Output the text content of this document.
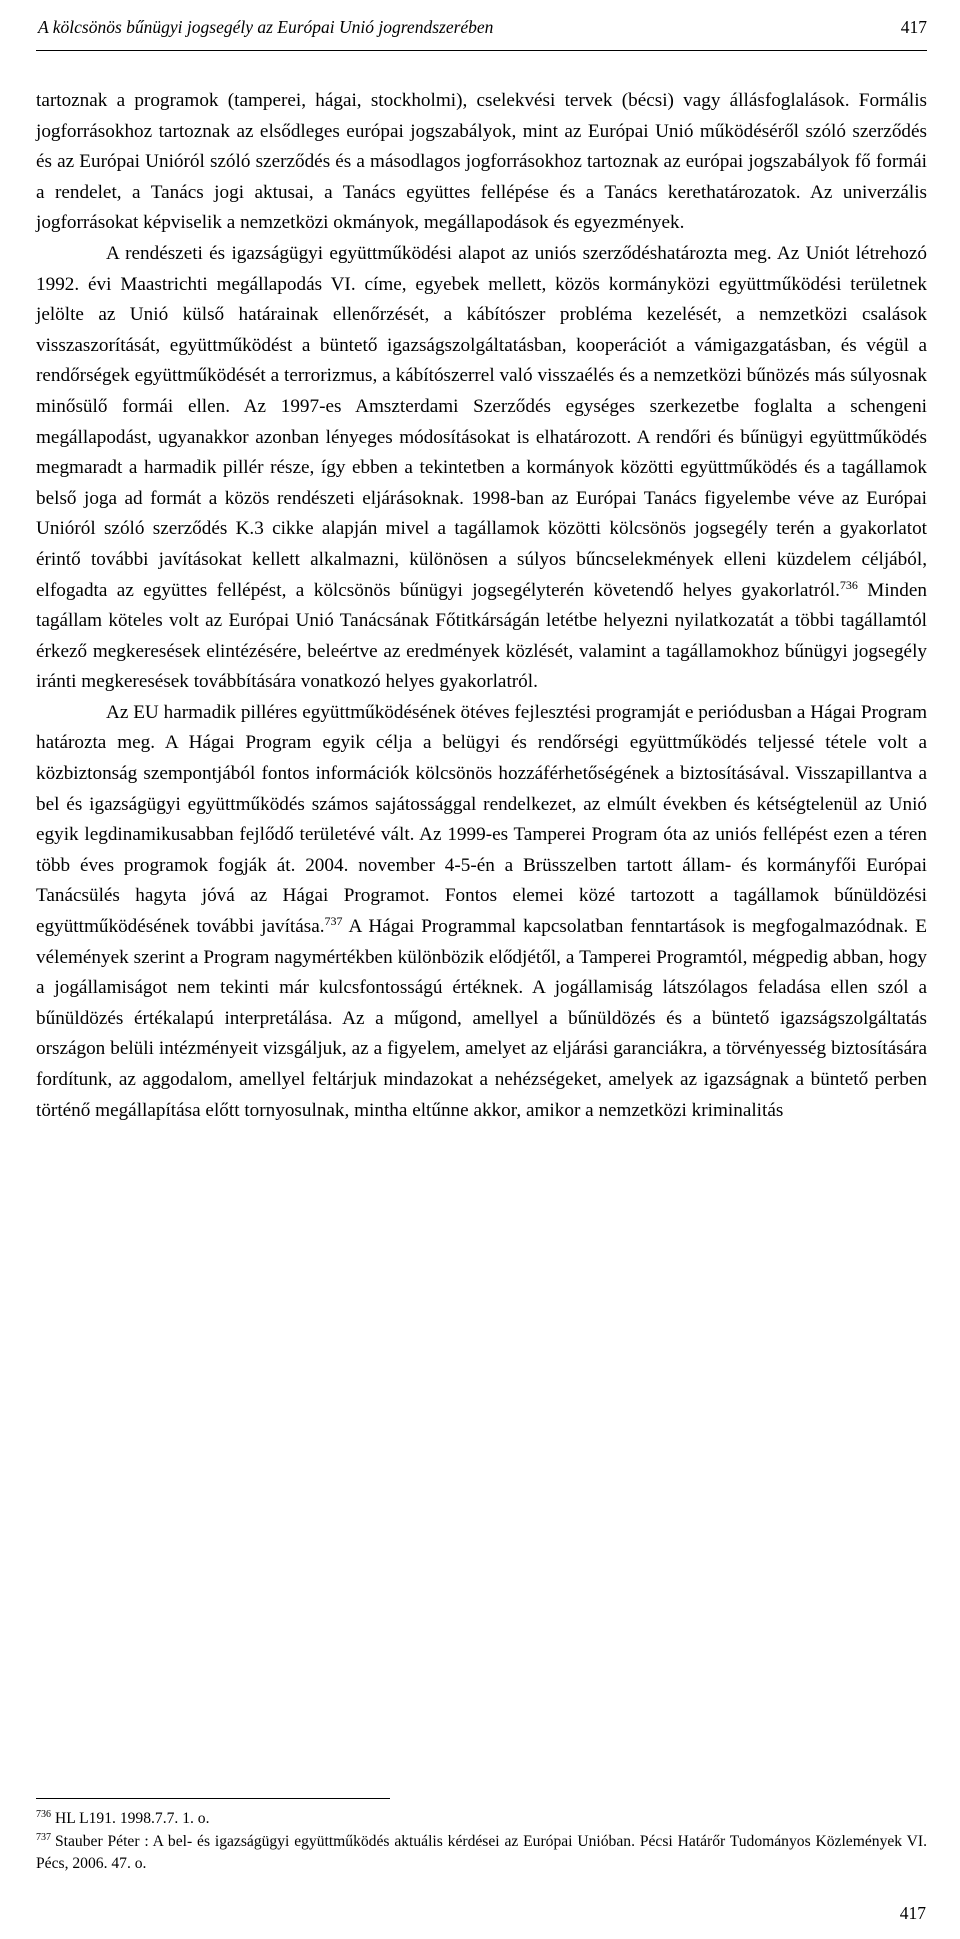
A kölcsönös bűnügyi jogsegély az Európai Unió jogrendszerében	417

tartoznak a programok (tamperei, hágai, stockholmi), cselekvési tervek (bécsi) vagy állásfoglalások. Formális jogforrásokhoz tartoznak az elsődleges európai jogszabályok, mint az Európai Unió működéséről szóló szerződés és az Európai Unióról szóló szerződés és a másodlagos jogforrásokhoz tartoznak az európai jogszabályok fő formái a rendelet, a Tanács jogi aktusai, a Tanács együttes fellépése és a Tanács kerethatározatok. Az univerzális jogforrásokat képviselik a nemzetközi okmányok, megállapodások és egyezmények.

A rendészeti és igazságügyi együttműködési alapot az uniós szerződéshatározta meg. Az Uniót létrehozó 1992. évi Maastrichti megállapodás VI. címe, egyebek mellett, közös kormányközi együttműködési területnek jelölte az Unió külső határainak ellenőrzését, a kábítószer probléma kezelését, a nemzetközi csalások visszaszorítását, együttműködést a büntető igazságszolgáltatásban, kooperációt a vámigazgatásban, és végül a rendőrségek együttműködését a terrorizmus, a kábítószerrel való visszaélés és a nemzetközi bűnözés más súlyosnak minősülő formái ellen. Az 1997-es Amszterdami Szerződés egységes szerkezetbe foglalta a schengeni megállapodást, ugyanakkor azonban lényeges módosításokat is elhatározott. A rendőri és bűnügyi együttműködés megmaradt a harmadik pillér része, így ebben a tekintetben a kormányok közötti együttműködés és a tagállamok belső joga ad formát a közös rendészeti eljárásoknak. 1998-ban az Európai Tanács figyelembe véve az Európai Unióról szóló szerződés K.3 cikke alapján mivel a tagállamok közötti kölcsönös jogsegély terén a gyakorlatot érintő további javításokat kellett alkalmazni, különösen a súlyos bűncselekmények elleni küzdelem céljából, elfogadta az együttes fellépést, a kölcsönös bűnügyi jogsegélyterén követendő helyes gyakorlatról.$^{736}$ Minden tagállam köteles volt az Európai Unió Tanácsának Főtitkárságán letétbe helyezni nyilatkozatát a többi tagállamtól érkező megkeresések elintézésére, beleértve az eredmények közlését, valamint a tagállamokhoz bűnügyi jogsegély iránti megkeresések továbbítására vonatkozó helyes gyakorlatról.

Az EU harmadik pilléres együttműködésének ötéves fejlesztési programját e periódusban a Hágai Program határozta meg. A Hágai Program egyik célja a belügyi és rendőrségi együttműködés teljessé tétele volt a közbiztonság szempontjából fontos információk kölcsönös hozzáférhetőségének a biztosításával. Visszapillantva a bel és igazságügyi együttműködés számos sajátossággal rendelkezet, az elmúlt években és kétségtelenül az Unió egyik legdinamikusabban fejlődő területévé vált. Az 1999-es Tamperei Program óta az uniós fellépést ezen a téren több éves programok fogják át. 2004. november 4-5-én a Brüsszelben tartott állam- és kormányfői Európai Tanácsülés hagyta jóvá az Hágai Programot. Fontos elemei közé tartozott a tagállamok bűnüldözési együttműködésének további javítása.$^{737}$ A Hágai Programmal kapcsolatban fenntartások is megfogalmazódnak. E vélemények szerint a Program nagymértékben különbözik elődjétől, a Tamperei Programtól, mégpedig abban, hogy a jogállamiságot nem tekinti már kulcsfontosságú értéknek. A jogállamiság látszólagos feladása ellen szól a bűnüldözés értékalapú interpretálása. Az a műgond, amellyel a bűnüldözés és a büntető igazságszolgáltatás országon belüli intézményeit vizsgáljuk, az a figyelem, amelyet az eljárási garanciákra, a törvényesség biztosítására fordítunk, az aggodalom, amellyel feltárjuk mindazokat a nehézségeket, amelyek az igazságnak a büntető perben történő megállapítása előtt tornyosulnak, mintha eltűnne akkor, amikor a nemzetközi kriminalitás

$^{736}$ HL L191. 1998.7.7. 1. o.

$^{737}$ Stauber Péter : A bel- és igazságügyi együttműködés aktuális kérdései az Európai Unióban. Pécsi Határőr Tudományos Közlemények VI. Pécs, 2006. 47. o.

417
